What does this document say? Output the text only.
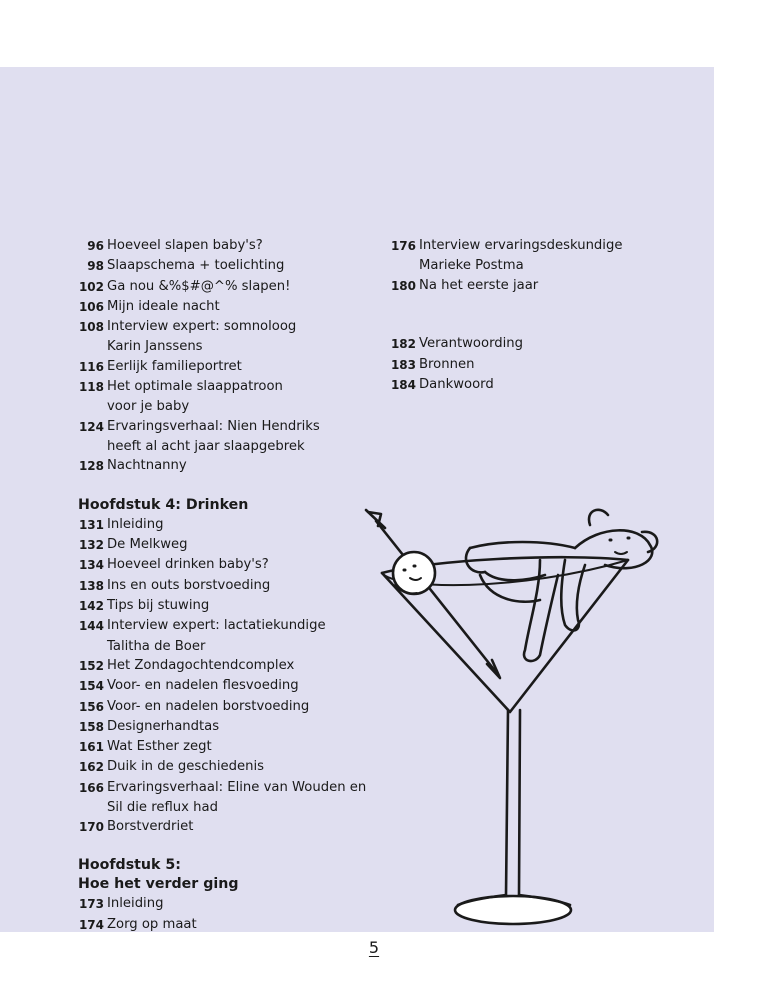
96 Hoeveel slapen baby's?
98 Slaapschema + toelichting
102 Ga nou &%$#@^% slapen!
106 Mijn ideale nacht
108 Interview expert: somnoloog
Karin Janssens
116 Eerlijk familieportret
118 Het optimale slaappatroon
voor je baby
124 Ervaringsverhaal: Nien Hendriks
heeft al acht jaar slaapgebrek
128 Nachtnanny
Hoofdstuk 4: Drinken
131 Inleiding
132 De Melkweg
134 Hoeveel drinken baby's?
138 Ins en outs borstvoeding
142 Tips bij stuwing
144 Interview expert: lactatiekundige
Talitha de Boer
152 Het Zondagochtendcomplex
154 Voor- en nadelen flesvoeding
156 Voor- en nadelen borstvoeding
158 Designerhandtas
161 Wat Esther zegt
162 Duik in de geschiedenis
166 Ervaringsverhaal: Eline van Wouden en
Sil die reflux had
170 Borstverdriet
Hoofdstuk 5:
Hoe het verder ging
173 Inleiding
174 Zorg op maat
176 Interview ervaringsdeskundige
Marieke Postma
180 Na het eerste jaar
182 Verantwoording
183 Bronnen
184 Dankwoord
5
